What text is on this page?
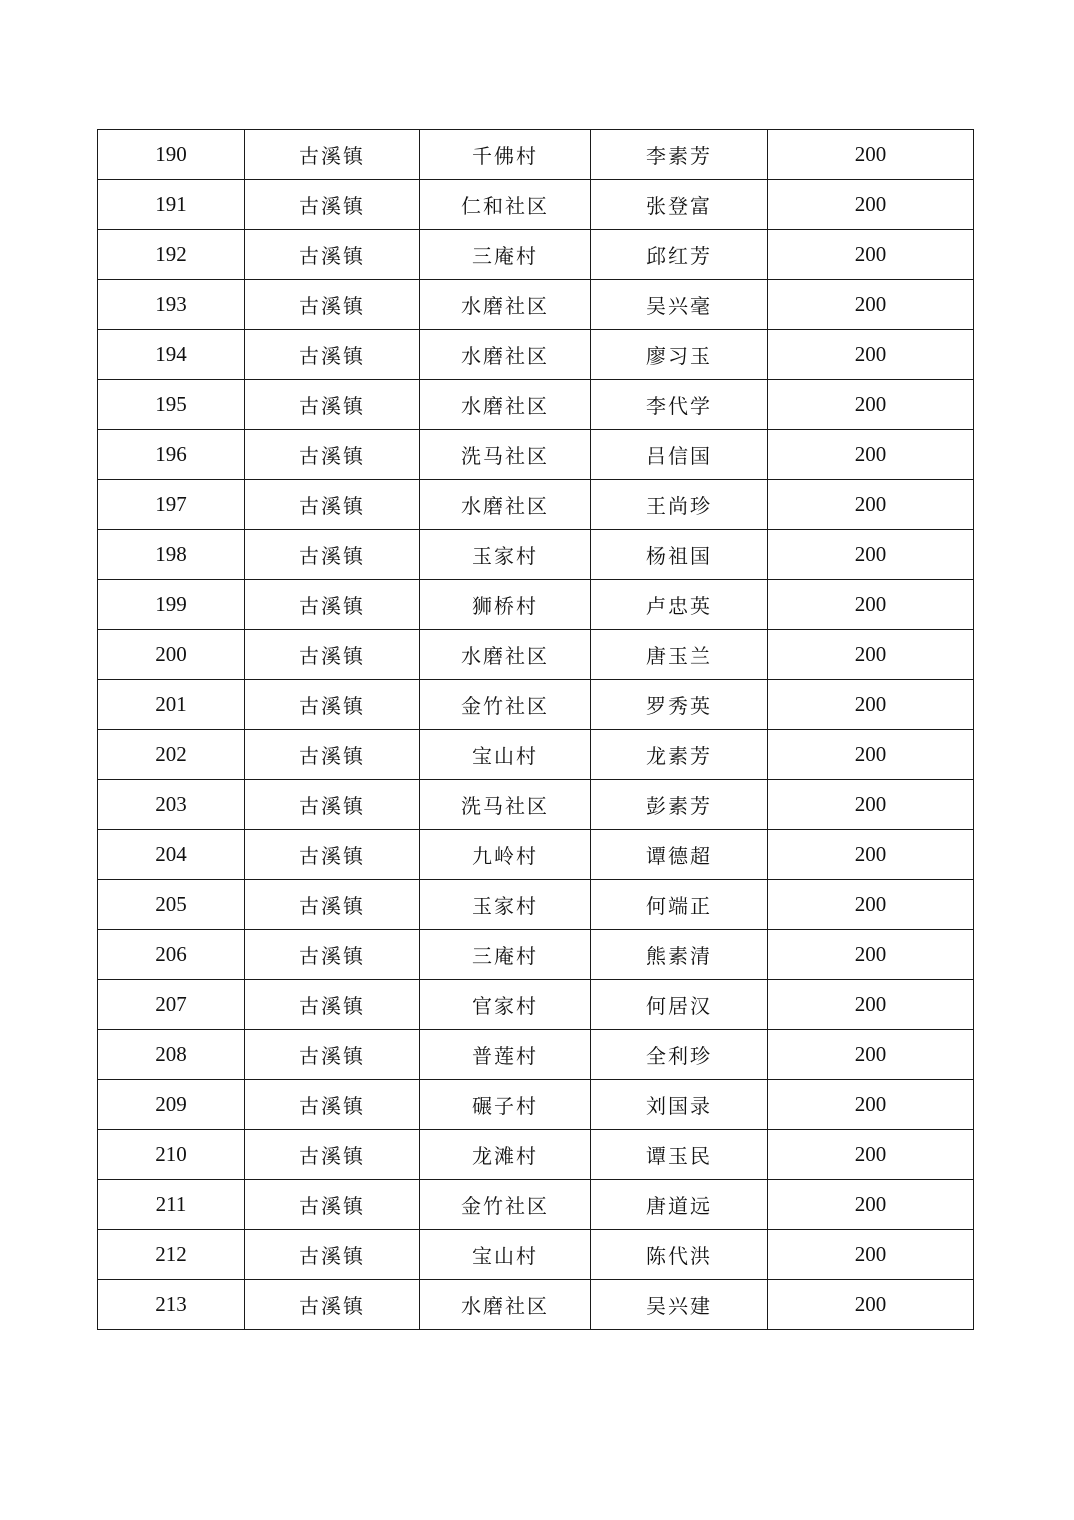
190	古溪镇	千佛村	李素芳	200
191	古溪镇	仁和社区	张登富	200
192	古溪镇	三庵村	邱红芳	200
193	古溪镇	水磨社区	吴兴毫	200
194	古溪镇	水磨社区	廖习玉	200
195	古溪镇	水磨社区	李代学	200
196	古溪镇	洗马社区	吕信国	200
197	古溪镇	水磨社区	王尚珍	200
198	古溪镇	玉家村	杨祖国	200
199	古溪镇	狮桥村	卢忠英	200
200	古溪镇	水磨社区	唐玉兰	200
201	古溪镇	金竹社区	罗秀英	200
202	古溪镇	宝山村	龙素芳	200
203	古溪镇	洗马社区	彭素芳	200
204	古溪镇	九岭村	谭德超	200
205	古溪镇	玉家村	何端正	200
206	古溪镇	三庵村	熊素清	200
207	古溪镇	官家村	何居汉	200
208	古溪镇	普莲村	全利珍	200
209	古溪镇	碾子村	刘国录	200
210	古溪镇	龙滩村	谭玉民	200
211	古溪镇	金竹社区	唐道远	200
212	古溪镇	宝山村	陈代洪	200
213	古溪镇	水磨社区	吴兴建	200
